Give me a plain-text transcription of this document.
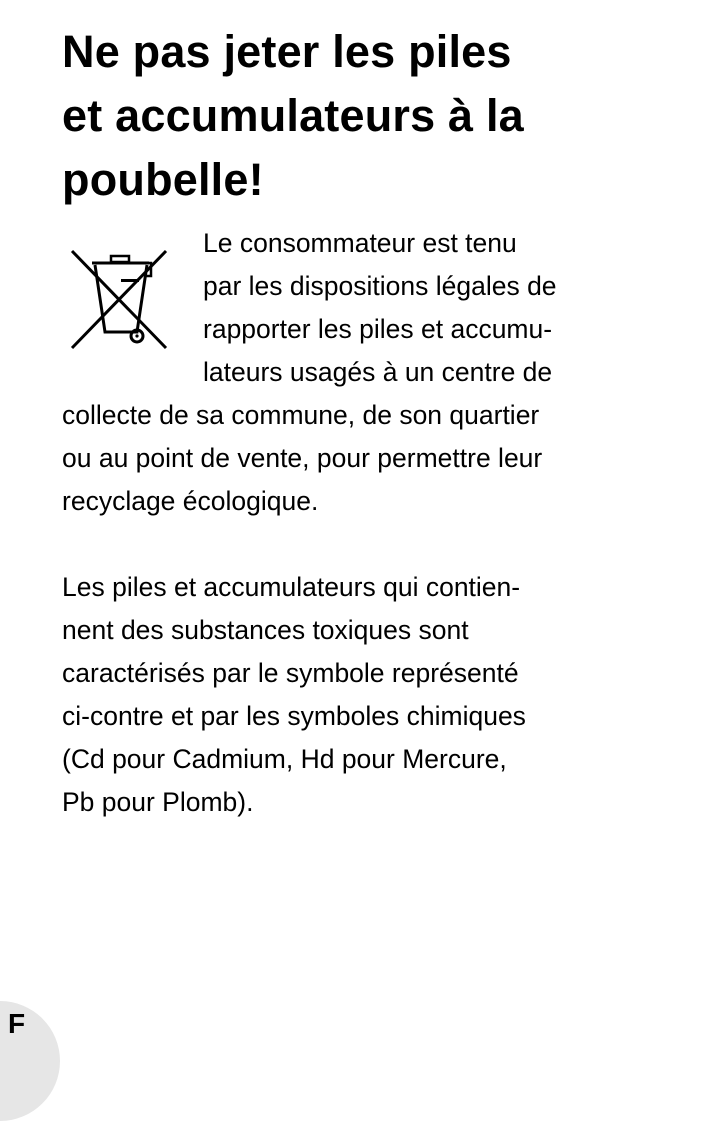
Ne pas jeter les piles
et accumulateurs à la
poubelle!
Le consommateur est tenu
par les dispositions légales de
rapporter les piles et accumu-
lateurs usagés à un centre de
collecte de sa commune, de son quartier
ou au point de vente, pour permettre leur
recyclage écologique.
Les piles et accumulateurs qui contien-
nent des substances toxiques sont
caractérisés par le symbole représenté
ci-contre et par les symboles chimiques
(Cd pour Cadmium, Hd pour Mercure,
Pb pour Plomb).
F
